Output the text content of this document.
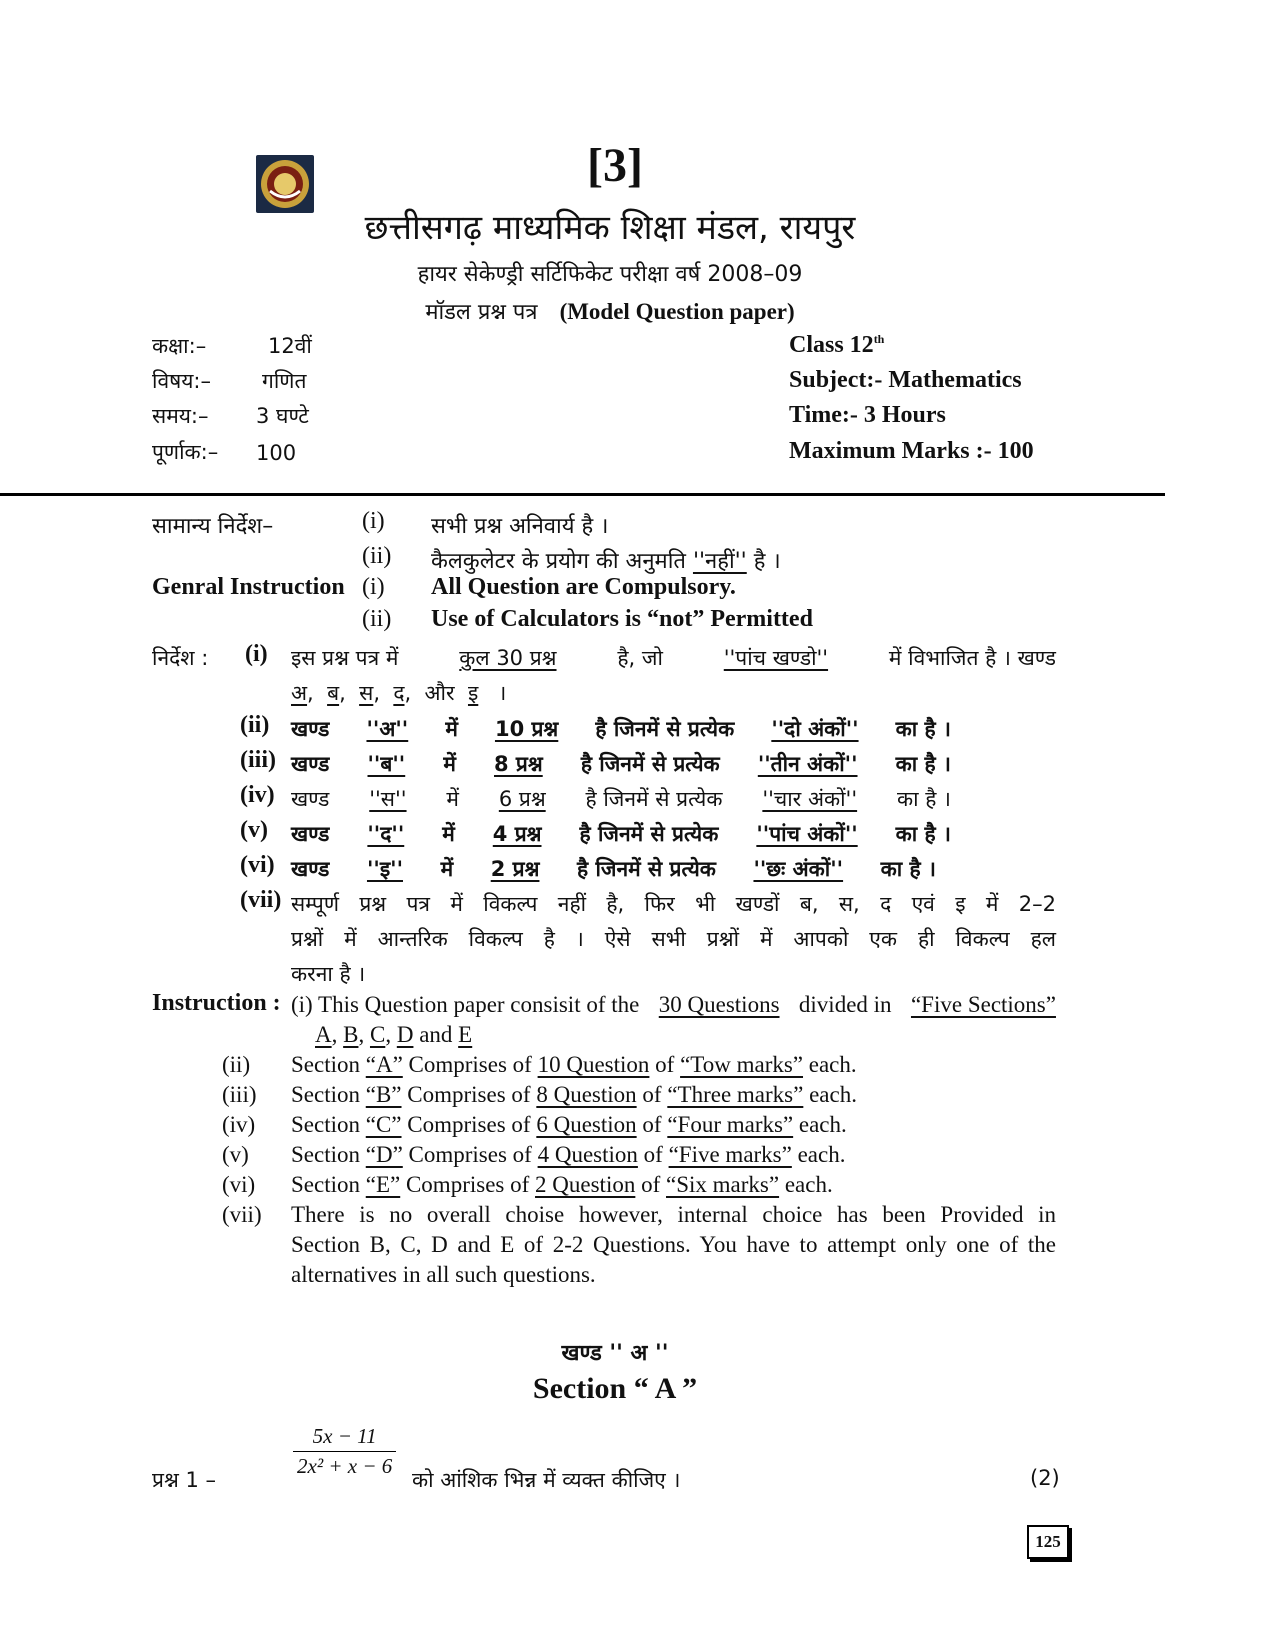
[3]
छत्तीसगढ़ माध्यमिक शिक्षा मंडल, रायपुर
हायर सेकेण्ड्री सर्टिफिकेट परीक्षा वर्ष 2008–09
मॉडल प्रश्न पत्र (Model Question paper)
कक्षा:–	12वीं
विषय:– गणित
समय:– 3 घण्टे
पूर्णाक:– 100
Class 12th
Subject:- Mathematics
Time:- 3 Hours
Maximum Marks :- 100
सामान्य निर्देश–	(i) सभी प्रश्न अनिवार्य है ।
(ii) कैलकुलेटर के प्रयोग की अनुमति ''नहीं'' है ।
Genral Instruction (i) All Question are Compulsory.
(ii) Use of Calculators is “not” Permitted
निर्देश : (i) इस प्रश्न पत्र में	कुल 30 प्रश्न	है, जो	''पांच खण्डो''	में विभाजित है । खण्ड
अ,  ब,  स,  द,  और इ ।
(ii) खण्ड ''अ'' में 10 प्रश्न है जिनमें से प्रत्येक ''दो अंकों'' का है ।
(iii) खण्ड ''ब'' में 8 प्रश्न है जिनमें से प्रत्येक ''तीन अंकों'' का है ।
(iv) खण्ड ''स'' में 6 प्रश्न है जिनमें से प्रत्येक ''चार अंकों'' का है ।
(v) खण्ड ''द'' में 4 प्रश्न है जिनमें से प्रत्येक ''पांच अंकों'' का है ।
(vi) खण्ड ''इ'' में 2 प्रश्न है जिनमें से प्रत्येक ''छः अंकों'' का है ।
(vii) सम्पूर्ण प्रश्न पत्र में विकल्प नहीं है, फिर भी खण्डों ब, स, द एवं इ में 2–2
प्रश्नों में आन्तरिक विकल्प है । ऐसे सभी प्रश्नों में आपको एक ही विकल्प हल
करना है ।
Instruction : (i) This Question paper consisit of the 30 Questions divided in “Five Sections”
A, B, C, D and E
(ii) Section “A” Comprises of 10 Question of “Tow marks” each.
(iii) Section “B” Comprises of 8 Question of “Three marks” each.
(iv) Section “C” Comprises of 6 Question of “Four marks” each.
(v) Section “D” Comprises of 4 Question of “Five marks” each.
(vi) Section “E” Comprises of 2 Question of “Six marks” each.
(vii) There is no overall choise however, internal choice has been Provided in
Section B, C, D and E of 2-2 Questions. You have to attempt only one of the
alternatives in all such questions.
खण्ड '' अ ''
Section “ A ”
प्रश्न 1 –
$\frac{5x - 11}{\text{2x² + x − 6}}$
को आंशिक भिन्न में व्यक्त कीजिए ।	(2)
125
